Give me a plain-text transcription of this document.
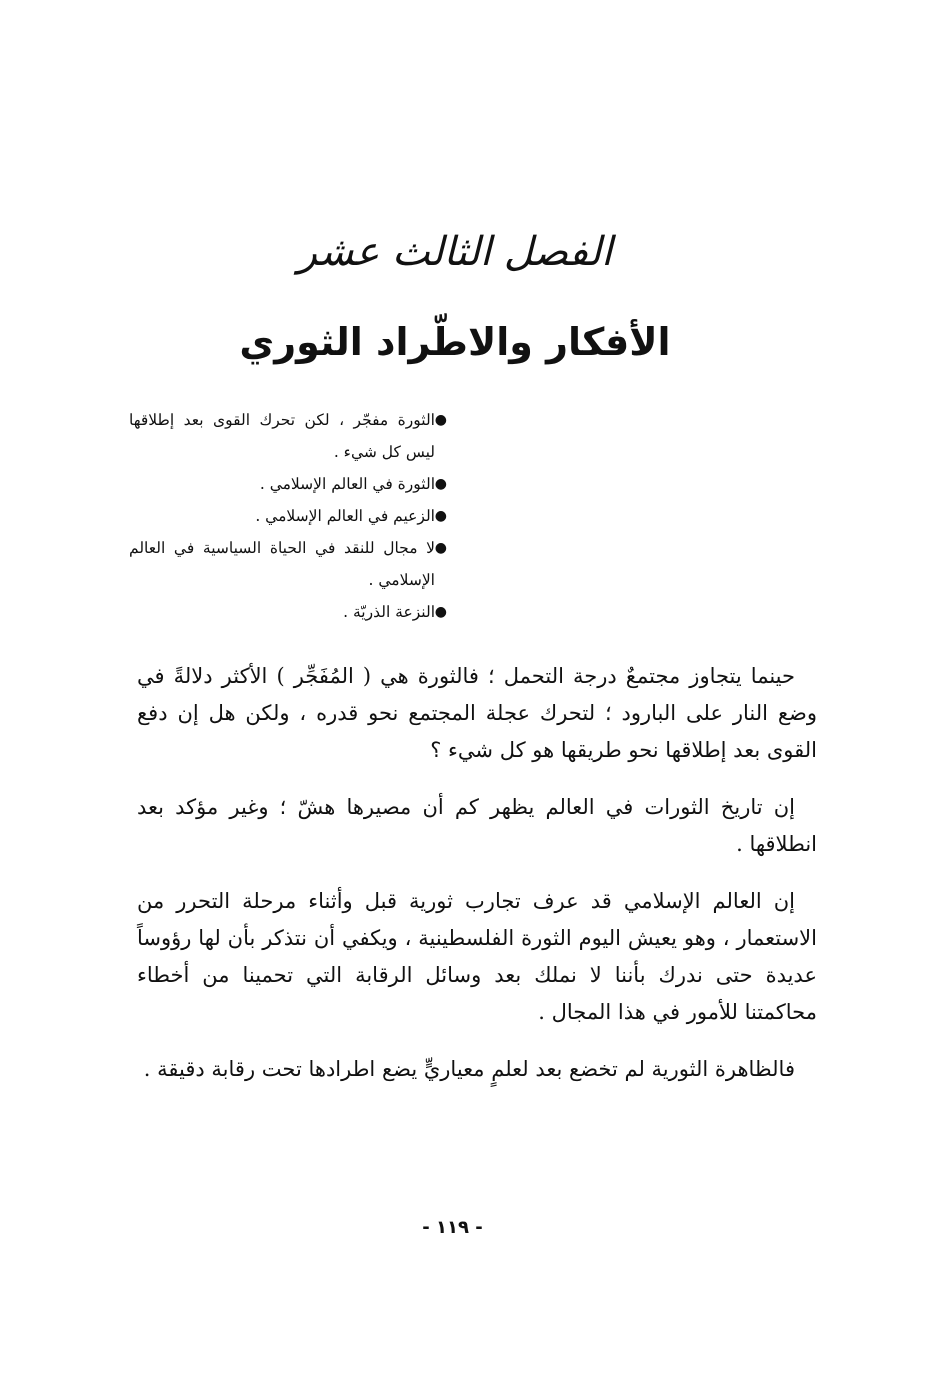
الفصل الثالث عشر
الأفكار والاطّراد الثوري
●
الثورة مفجّر ، لكن تحرك القوى بعد إطلاقها ليس كل شيء .
●
الثورة في العالم الإسلامي .
●
الزعيم في العالم الإسلامي .
●
لا مجال للنقد في الحياة السياسية في العالم الإسلامي .
●
النزعة الذريّة .

حينما يتجاوز مجتمعٌ درجة التحمل ؛ فالثورة هي ( المُفَجِّر ) الأكثر دلالةً في وضع النار على البارود ؛ لتحرك عجلة المجتمع نحو قدره ، ولكن هل إن دفع القوى بعد إطلاقها نحو طريقها هو كل شيء ؟

إن تاريخ الثورات في العالم يظهر كم أن مصيرها هشّ ؛ وغير مؤكد بعد انطلاقها .

إن العالم الإسلامي قد عرف تجارب ثورية قبل وأثناء مرحلة التحرر من الاستعمار ، وهو يعيش اليوم الثورة الفلسطينية ، ويكفي أن نتذكر بأن لها رؤوساً عديدة حتى ندرك بأننا لا نملك بعد وسائل الرقابة التي تحمينا من أخطاء محاكمتنا للأمور في هذا المجال .

فالظاهرة الثورية لم تخضع بعد لعلمٍ معياريٍّ يضع اطرادها تحت رقابة دقيقة .

- ١١٩ -
